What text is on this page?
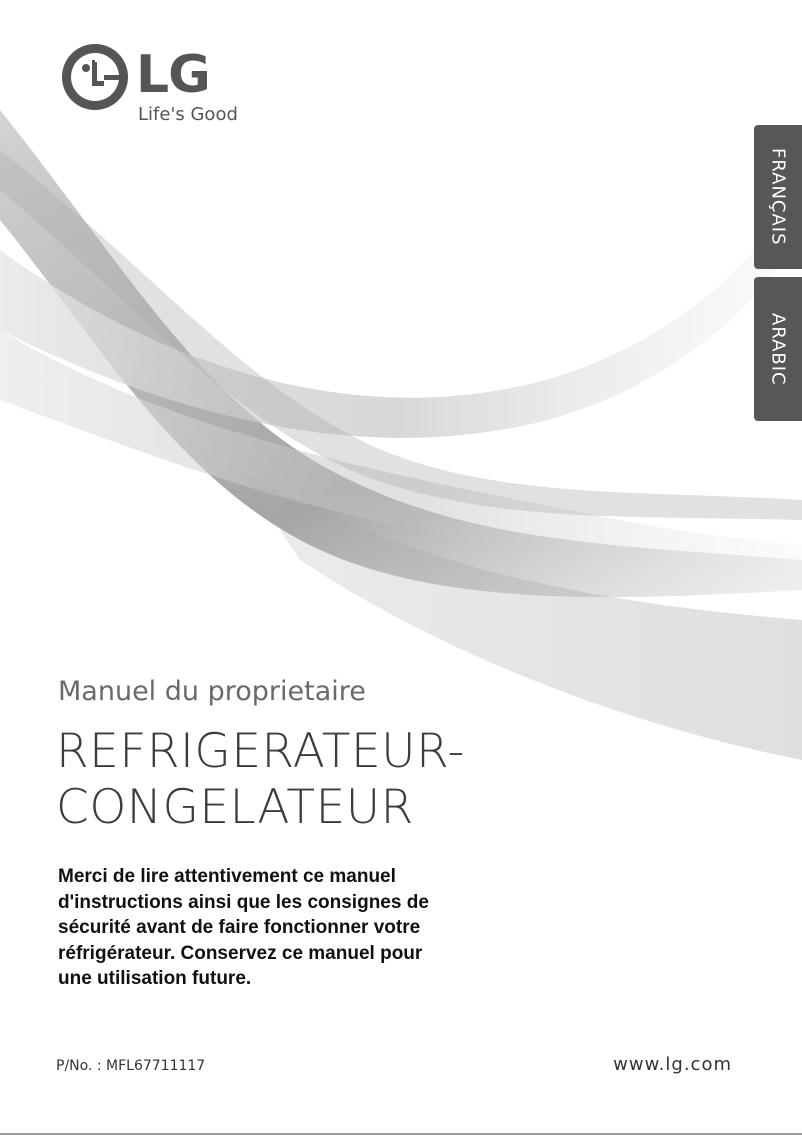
LG
Life's Good
FRANÇAIS
ARABIC
Manuel du proprietaire
REFRIGERATEUR-
CONGELATEUR

Merci de lire attentivement ce manuel d'instructions ainsi que les consignes de sécurité avant de faire fonctionner votre réfrigérateur. Conservez ce manuel pour une utilisation future.

P/No. : MFL67711117	www.lg.com
